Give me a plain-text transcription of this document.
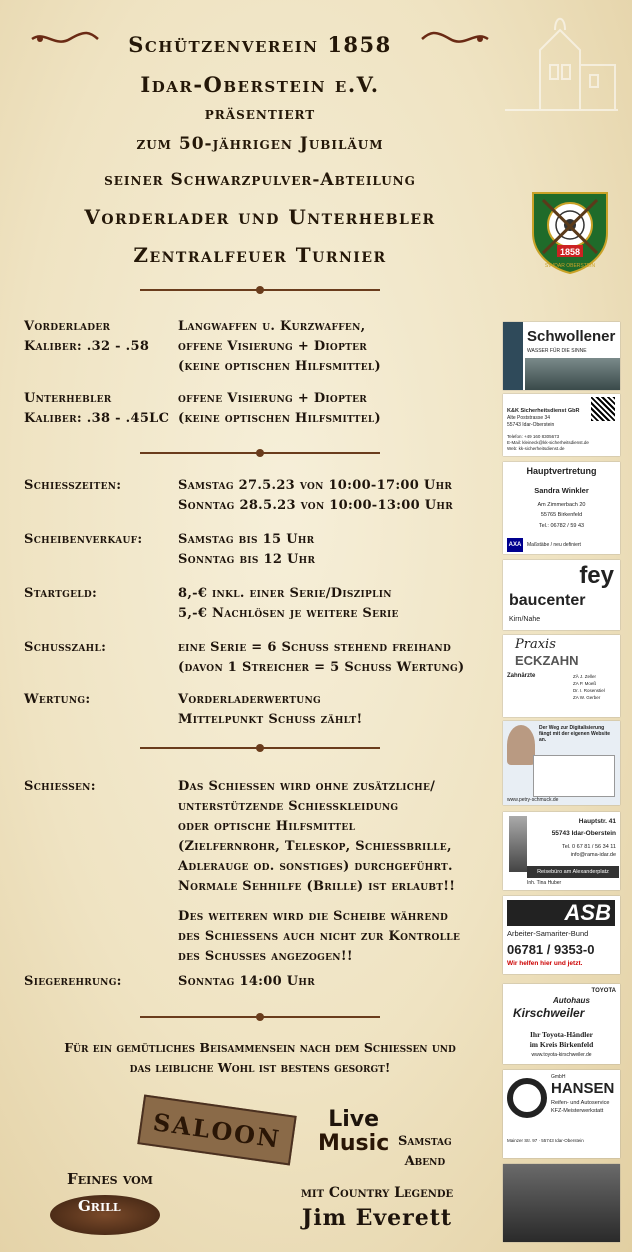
Schützenverein 1858
Idar-Oberstein e.V.
präsentiert
zum 50-jährigen Jubiläum
seiner Schwarzpulver-Abteilung
Vorderlader und Unterhebler
Zentralfeuer Turnier	1858
SV IDAR OBERSTEIN
Vorderlader
Kaliber: .32 - .58
Langwaffen u. Kurzwaffen,
offene Visierung + Diopter
(keine optischen Hilfsmittel)
Unterhebler
Kaliber: .38 - .45LC
offene Visierung + Diopter
(keine optischen Hilfsmittel)
Schiesszeiten:	Samstag 27.5.23 von 10:00-17:00 Uhr
Sonntag 28.5.23 von 10:00-13:00 Uhr
Scheibenverkauf:	Samstag bis 15 Uhr
Sonntag bis 12 Uhr
Startgeld:	8,-€ inkl. einer Serie/Disziplin
5,-€ Nachlösen je weitere Serie
Schusszahl:	eine Serie = 6 Schuss stehend freihand
(davon 1 Streicher = 5 Schuss Wertung)
Wertung:	Vorderladerwertung
Mittelpunkt Schuss zählt!
Schiessen:	Das Schiessen wird ohne zusätzliche/
unterstützende Schiesskleidung
oder optische Hilfsmittel
(Zielfernrohr, Teleskop, Schiessbrille,
Adlerauge od. sonstiges) durchgeführt.
Normale Sehhilfe (Brille) ist erlaubt!!
Des weiteren wird die Scheibe während
des Schiessens auch nicht zur Kontrolle
des Schusses angezogen!!
Siegerehrung:	Sonntag 14:00 Uhr
Für ein gemütliches Beisammensein nach dem Schiessen und
das leibliche Wohl ist bestens gesorgt!
Feines vom
Grill
SALOON	Live
Music Samstag
Abend
mit Country Legende
Jim Everett
Schwollener
WASSER FÜR DIE SINNE
K&K Sicherheitsdienst GbR
Alte Poststrasse 34
55743 Idar-Oberstein
Telefon: +49 160 8305673
E-Mail: kleineck@kk-sicherheitsdienst.de
Web: kk-sicherheitsdienst.de
Hauptvertretung
Sandra Winkler
Am Zimmerbach 20
55765 Birkenfeld
Tel.: 06782 / 59 43
AXA	Maßstäbe / neu definiert
fey
baucenter
Kirn/Nahe
Praxis
ECKZAHN
Zahnärzte	ZÄ J. Zeller
ZA P. Moeß
Dr. I. Rosenstiel
ZA W. Gerber
Der Weg zur Digitalisierung fängt mit der eigenen Website an.
www.petry-schmuck.de
Hauptstr. 41
55743 Idar-Oberstein
Tel. 0 67 81 / 56 34 11
info@rama-idar.de
Reisebüro am Alexanderplatz
Inh. Tina Huber
ASB
Arbeiter-Samariter-Bund
06781 / 9353-0
Wir helfen hier und jetzt.
TOYOTA
Autohaus
Kirschweiler
Ihr Toyota-Händler
im Kreis Birkenfeld
www.toyota-kirschweiler.de
GmbH
HANSEN
Reifen- und Autoservice
KFZ-Meisterwerkstatt
Mainzer Str. 97 · 55743 Idar-Oberstein
